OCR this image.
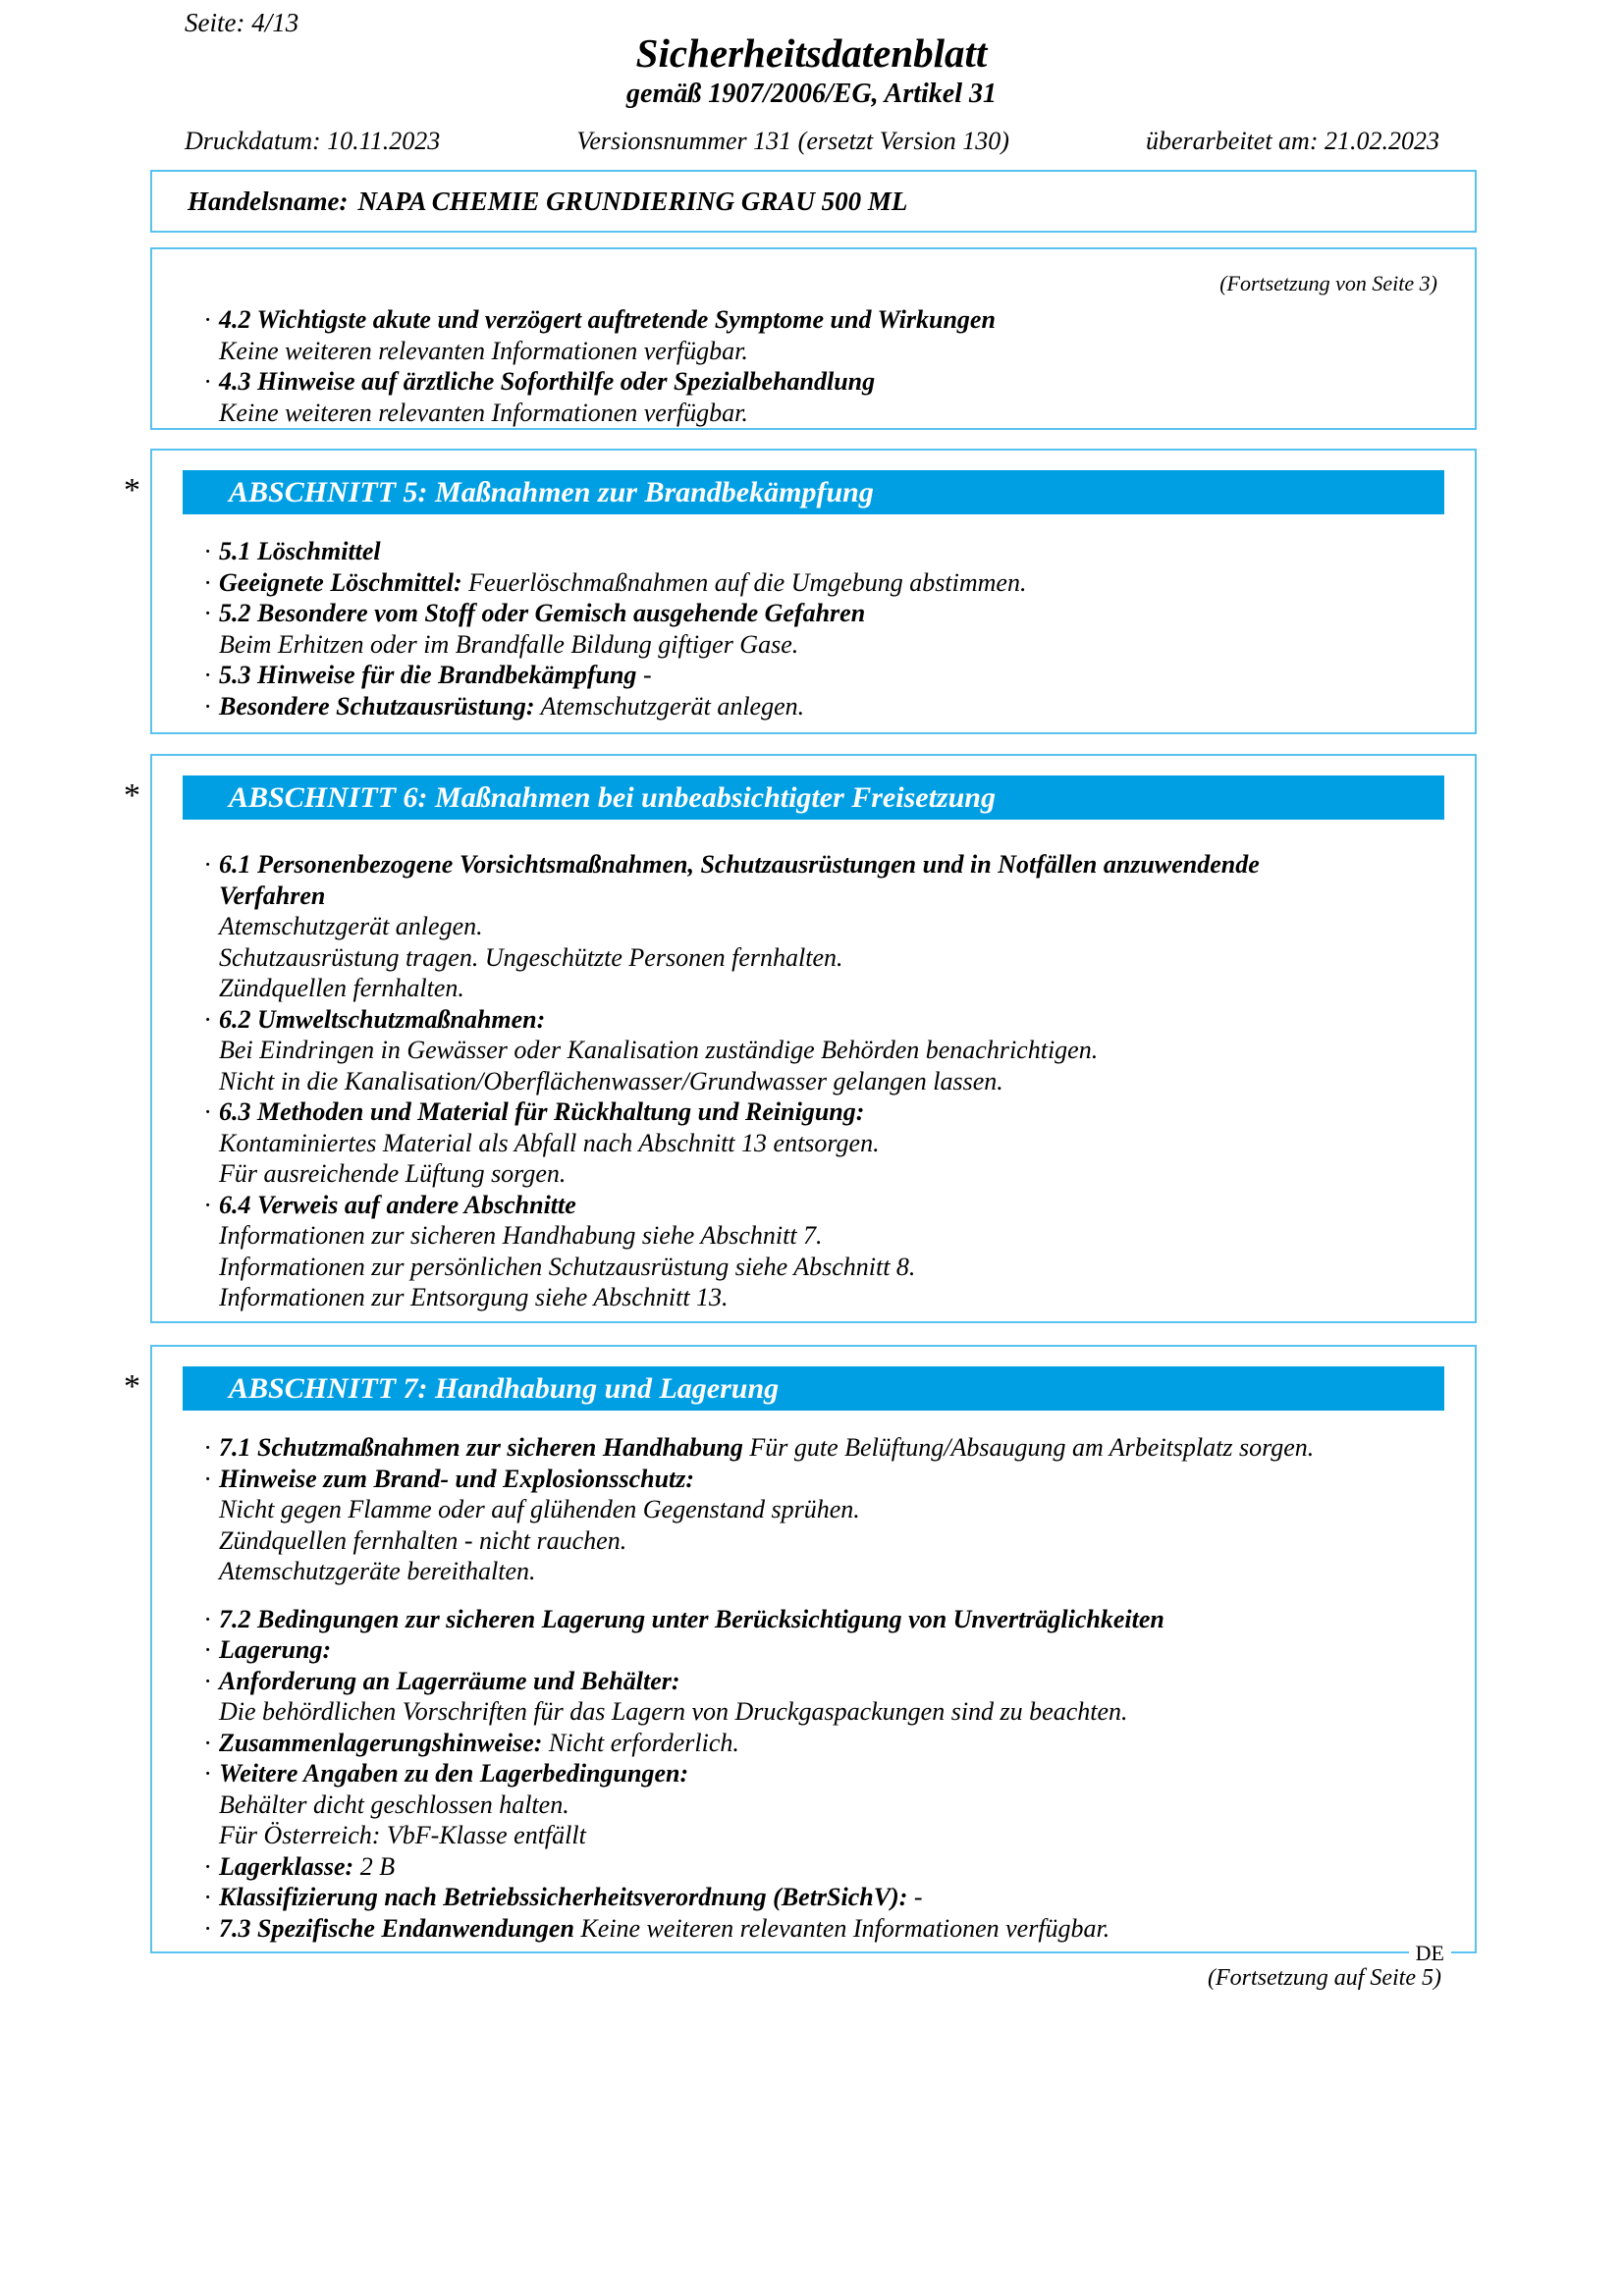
Seite: 4/13
Sicherheitsdatenblatt
gemäß 1907/2006/EG, Artikel 31
Druckdatum: 10.11.2023	Versionsnummer 131 (ersetzt Version 130)	überarbeitet am: 21.02.2023
Handelsname: NAPA CHEMIE GRUNDIERING GRAU 500 ML
(Fortsetzung von Seite 3)
· 4.2 Wichtigste akute und verzögert auftretende Symptome und Wirkungen
Keine weiteren relevanten Informationen verfügbar.
· 4.3 Hinweise auf ärztliche Soforthilfe oder Spezialbehandlung
Keine weiteren relevanten Informationen verfügbar.
*	ABSCHNITT 5: Maßnahmen zur Brandbekämpfung
· 5.1 Löschmittel
· Geeignete Löschmittel: Feuerlöschmaßnahmen auf die Umgebung abstimmen.
· 5.2 Besondere vom Stoff oder Gemisch ausgehende Gefahren
Beim Erhitzen oder im Brandfalle Bildung giftiger Gase.
· 5.3 Hinweise für die Brandbekämpfung -
· Besondere Schutzausrüstung: Atemschutzgerät anlegen.
*	ABSCHNITT 6: Maßnahmen bei unbeabsichtigter Freisetzung
· 6.1 Personenbezogene Vorsichtsmaßnahmen, Schutzausrüstungen und in Notfällen anzuwendende
Verfahren
Atemschutzgerät anlegen.
Schutzausrüstung tragen. Ungeschützte Personen fernhalten.
Zündquellen fernhalten.
· 6.2 Umweltschutzmaßnahmen:
Bei Eindringen in Gewässer oder Kanalisation zuständige Behörden benachrichtigen.
Nicht in die Kanalisation/Oberflächenwasser/Grundwasser gelangen lassen.
· 6.3 Methoden und Material für Rückhaltung und Reinigung:
Kontaminiertes Material als Abfall nach Abschnitt 13 entsorgen.
Für ausreichende Lüftung sorgen.
· 6.4 Verweis auf andere Abschnitte
Informationen zur sicheren Handhabung siehe Abschnitt 7.
Informationen zur persönlichen Schutzausrüstung siehe Abschnitt 8.
Informationen zur Entsorgung siehe Abschnitt 13.
*	ABSCHNITT 7: Handhabung und Lagerung
· 7.1 Schutzmaßnahmen zur sicheren Handhabung Für gute Belüftung/Absaugung am Arbeitsplatz sorgen.
· Hinweise zum Brand- und Explosionsschutz:
Nicht gegen Flamme oder auf glühenden Gegenstand sprühen.
Zündquellen fernhalten - nicht rauchen.
Atemschutzgeräte bereithalten.
· 7.2 Bedingungen zur sicheren Lagerung unter Berücksichtigung von Unverträglichkeiten
· Lagerung:
· Anforderung an Lagerräume und Behälter:
Die behördlichen Vorschriften für das Lagern von Druckgaspackungen sind zu beachten.
· Zusammenlagerungshinweise: Nicht erforderlich.
· Weitere Angaben zu den Lagerbedingungen:
Behälter dicht geschlossen halten.
Für Österreich: VbF-Klasse entfällt
· Lagerklasse: 2 B
· Klassifizierung nach Betriebssicherheitsverordnung (BetrSichV): -
· 7.3 Spezifische Endanwendungen Keine weiteren relevanten Informationen verfügbar.
DE
(Fortsetzung auf Seite 5)
